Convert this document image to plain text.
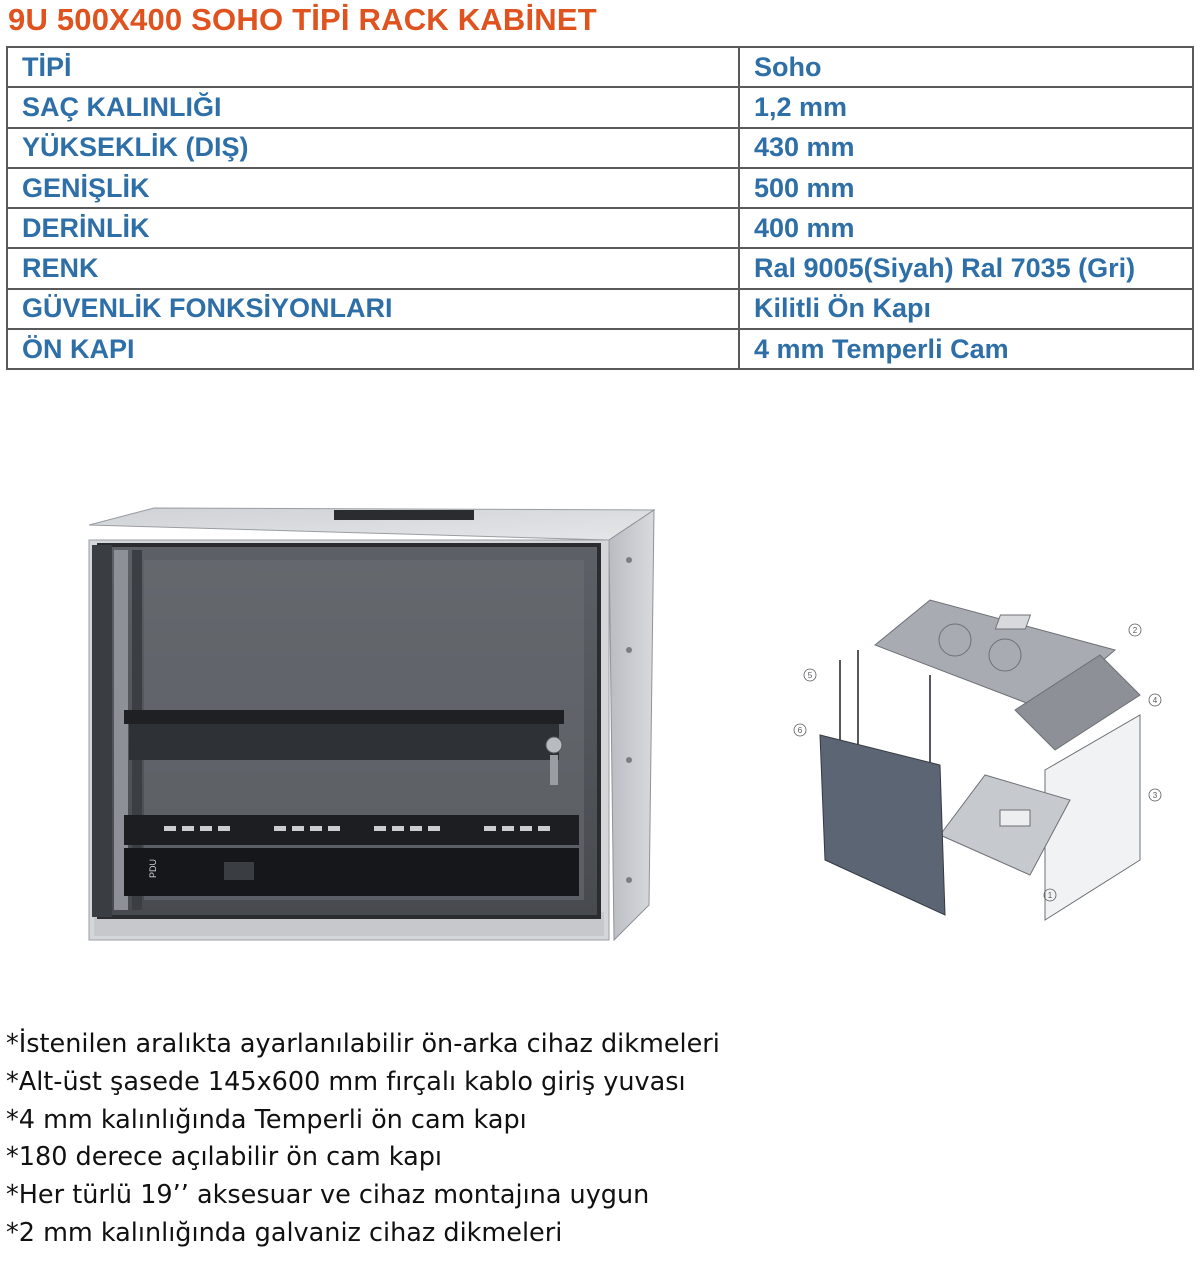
9U 500X400 SOHO TİPİ RACK KABİNET
TİPİ	Soho
SAÇ KALINLIĞI	1,2 mm
YÜKSEKLİK (DIŞ)	430 mm
GENİŞLİK	500 mm
DERİNLİK	400 mm
RENK	Ral 9005(Siyah) Ral 7035 (Gri)
GÜVENLİK FONKSİYONLARI	Kilitli Ön Kapı
ÖN KAPI	4 mm Temperli Cam
PDU
1
2
3
4
5
6
*İstenilen aralıkta ayarlanılabilir ön-arka cihaz dikmeleri
*Alt-üst şasede 145x600 mm fırçalı kablo giriş yuvası
*4 mm kalınlığında Temperli ön cam kapı
*180 derece açılabilir ön cam kapı
*Her türlü 19’’ aksesuar ve cihaz montajına uygun
*2 mm kalınlığında galvaniz cihaz dikmeleri
